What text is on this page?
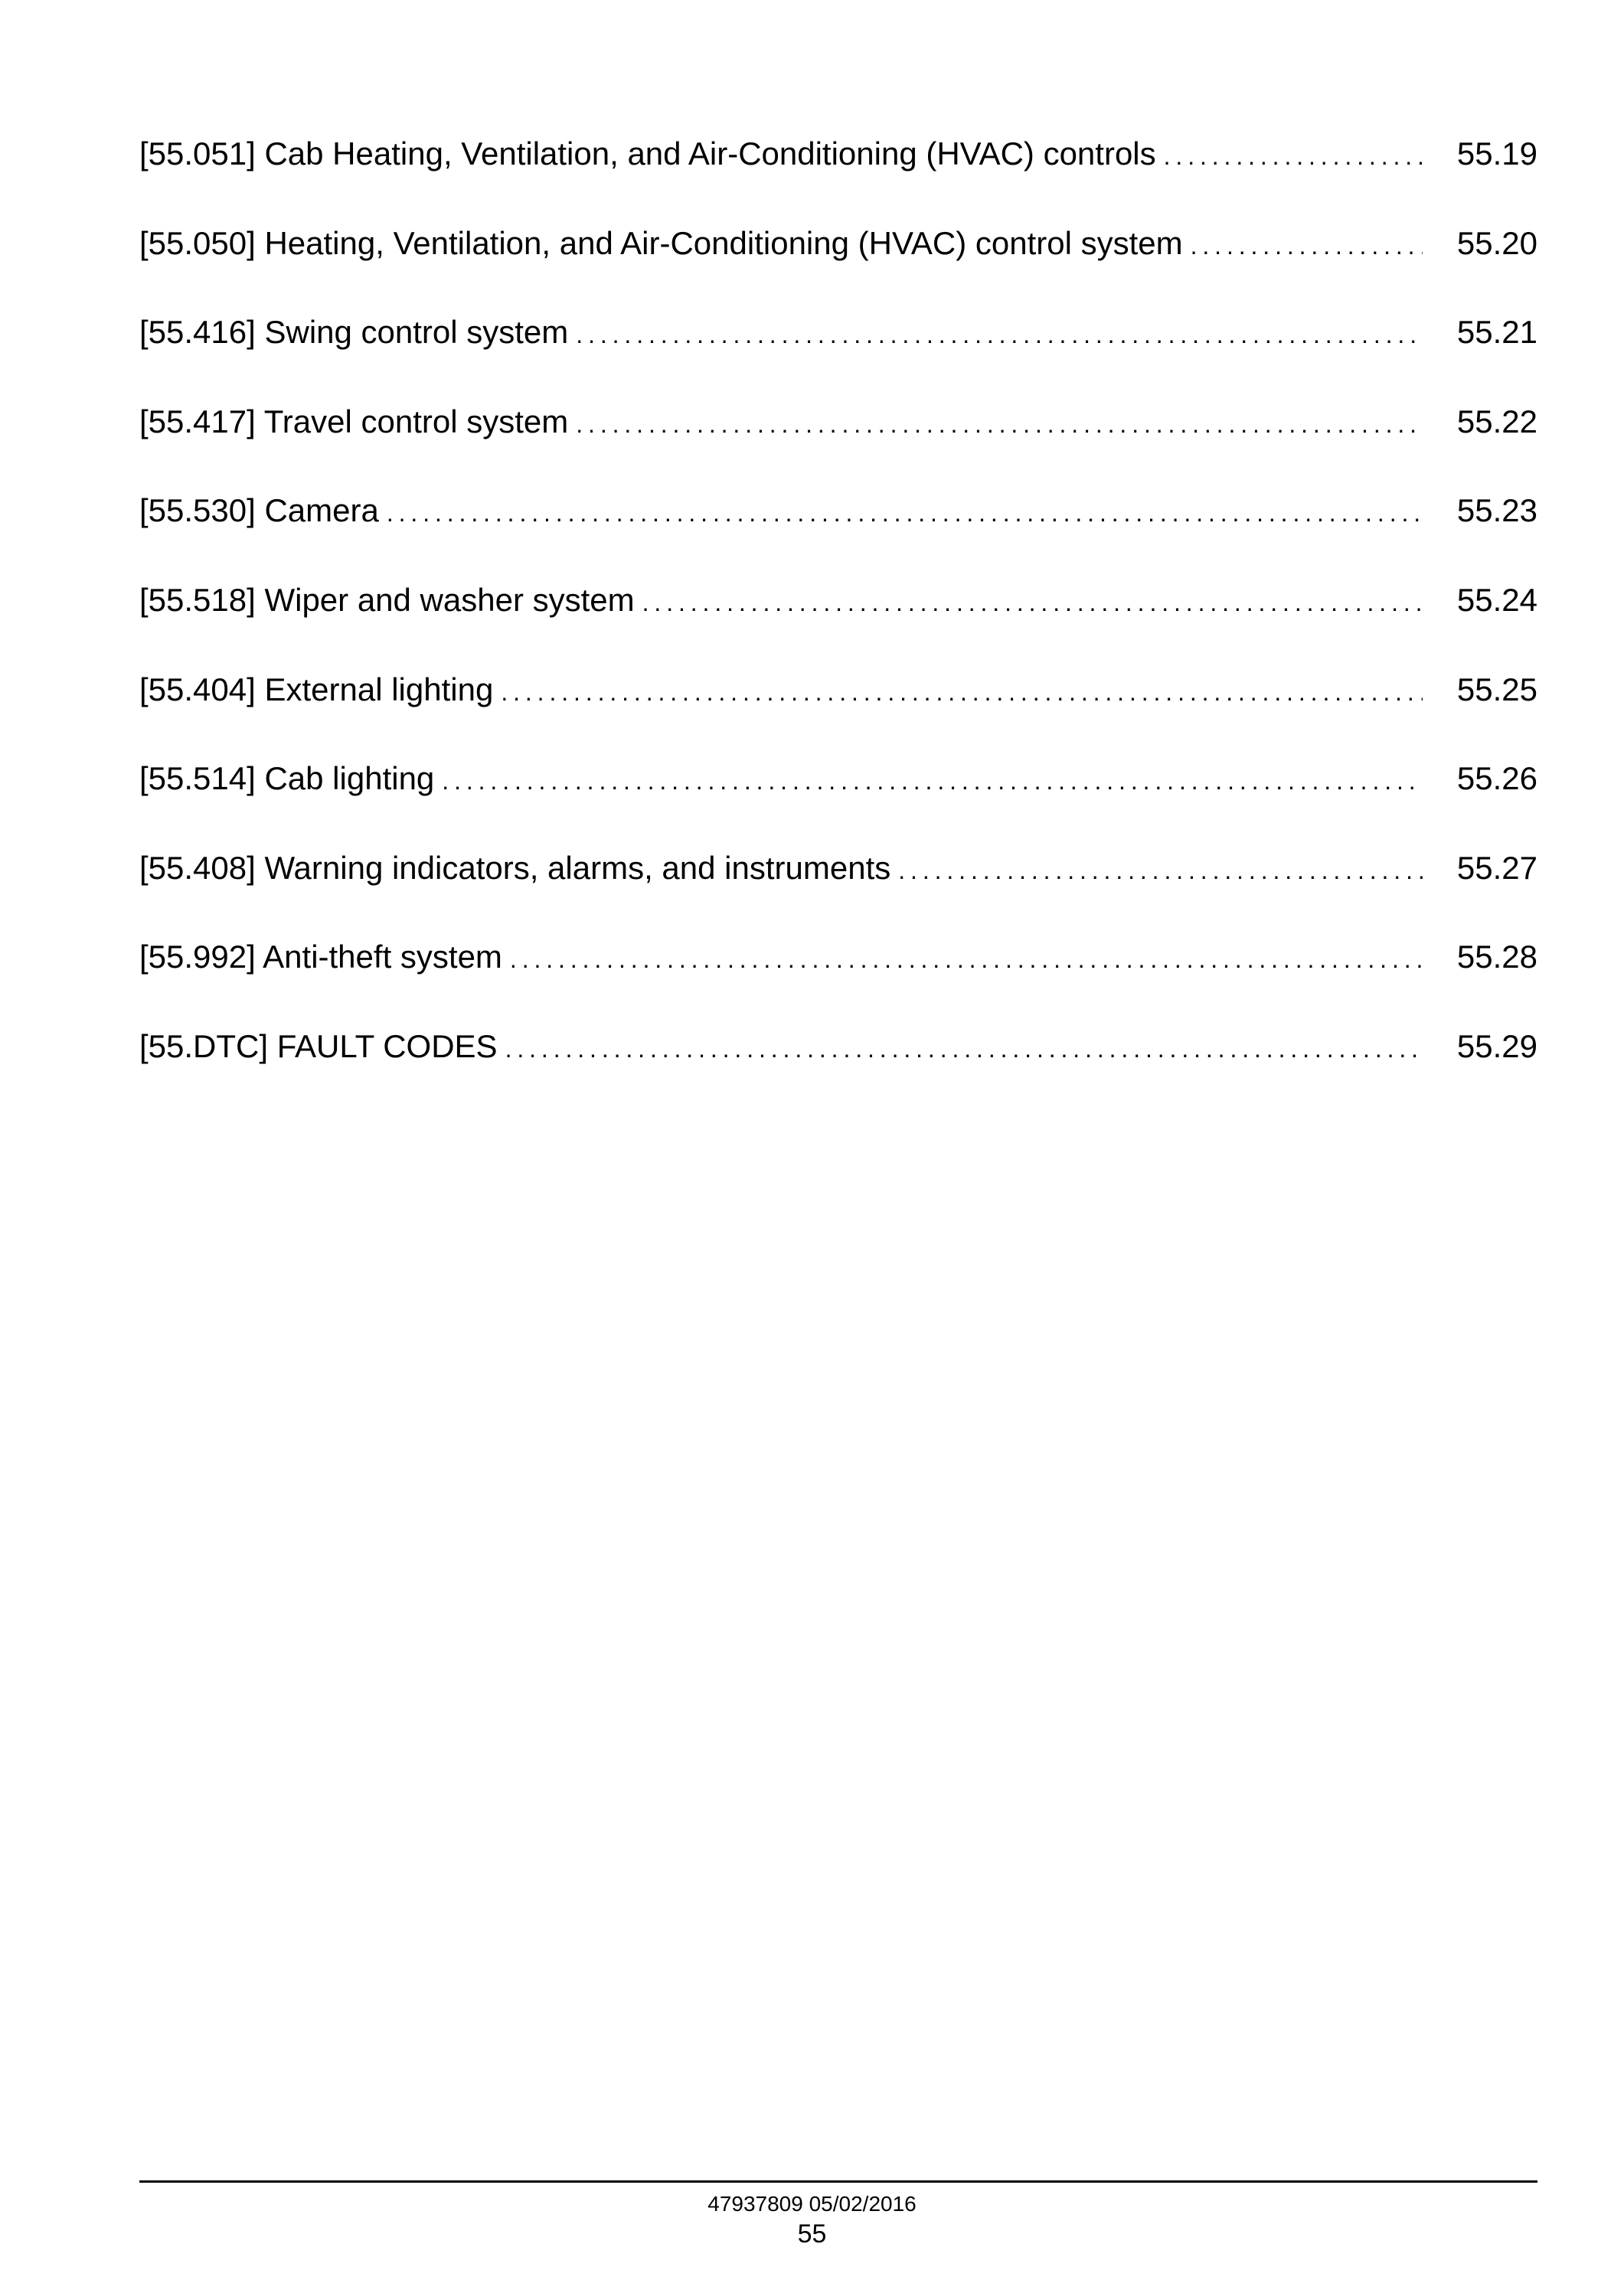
[55.051] Cab Heating, Ventilation, and Air-Conditioning (HVAC) controls . . .	55.19
[55.050] Heating, Ventilation, and Air-Conditioning (HVAC) control system . . .	55.20
[55.416] Swing control system . . .	55.21
[55.417] Travel control system . . .	55.22
[55.530] Camera . . .	55.23
[55.518] Wiper and washer system . . .	55.24
[55.404] External lighting . . .	55.25
[55.514] Cab lighting . . .	55.26
[55.408] Warning indicators, alarms, and instruments . . .	55.27
[55.992] Anti-theft system . . .	55.28
[55.DTC] FAULT CODES . . .	55.29
47937809 05/02/2016
55
